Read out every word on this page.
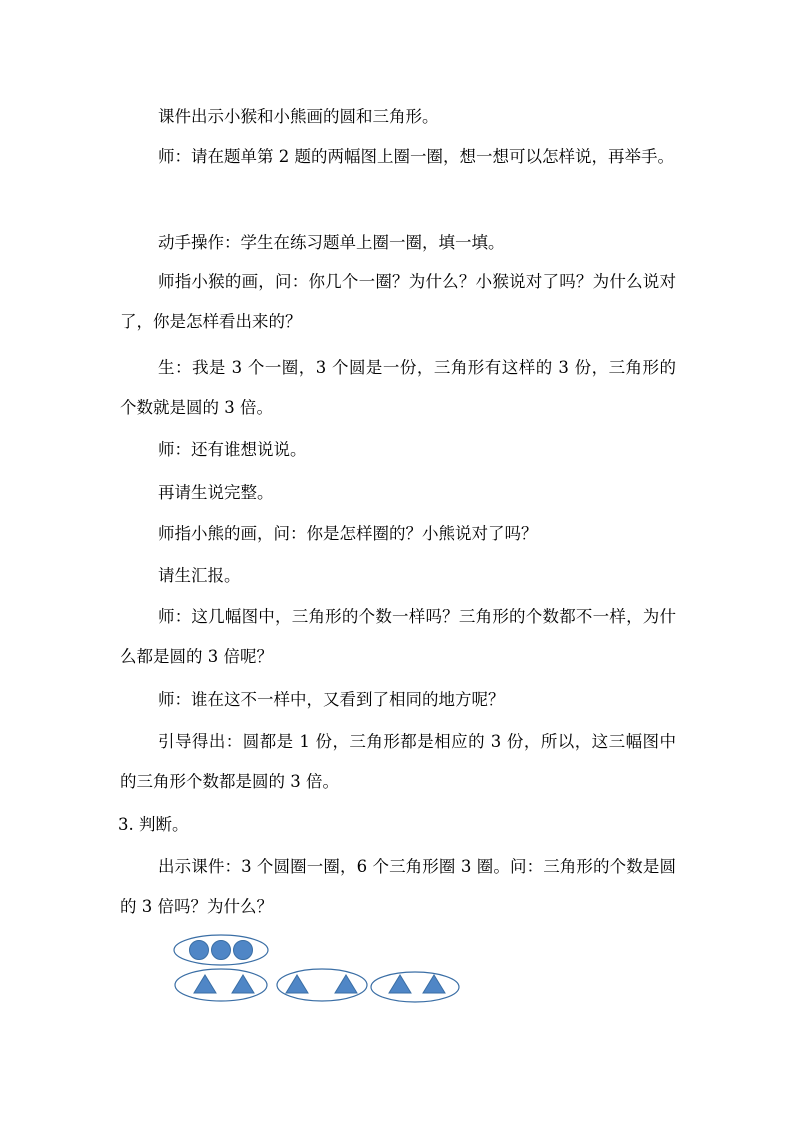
课件出示小猴和小熊画的圆和三角形。

师：请在题单第 2 题的两幅图上圈一圈，想一想可以怎样说，再举手。

动手操作：学生在练习题单上圈一圈，填一填。

师指小猴的画，问：你几个一圈？为什么？小猴说对了吗？为什么说对了，你是怎样看出来的？

生：我是 3 个一圈，3 个圆是一份，三角形有这样的 3 份，三角形的个数就是圆的 3 倍。

师：还有谁想说说。

再请生说完整。

师指小熊的画，问：你是怎样圈的？小熊说对了吗？

请生汇报。

师：这几幅图中，三角形的个数一样吗？三角形的个数都不一样，为什么都是圆的 3 倍呢？

师：谁在这不一样中，又看到了相同的地方呢？

引导得出：圆都是 1 份，三角形都是相应的 3 份，所以，这三幅图中的三角形个数都是圆的 3 倍。

3. 判断。

出示课件：3 个圆圈一圈，6 个三角形圈 3 圈。问：三角形的个数是圆的 3 倍吗？为什么？
